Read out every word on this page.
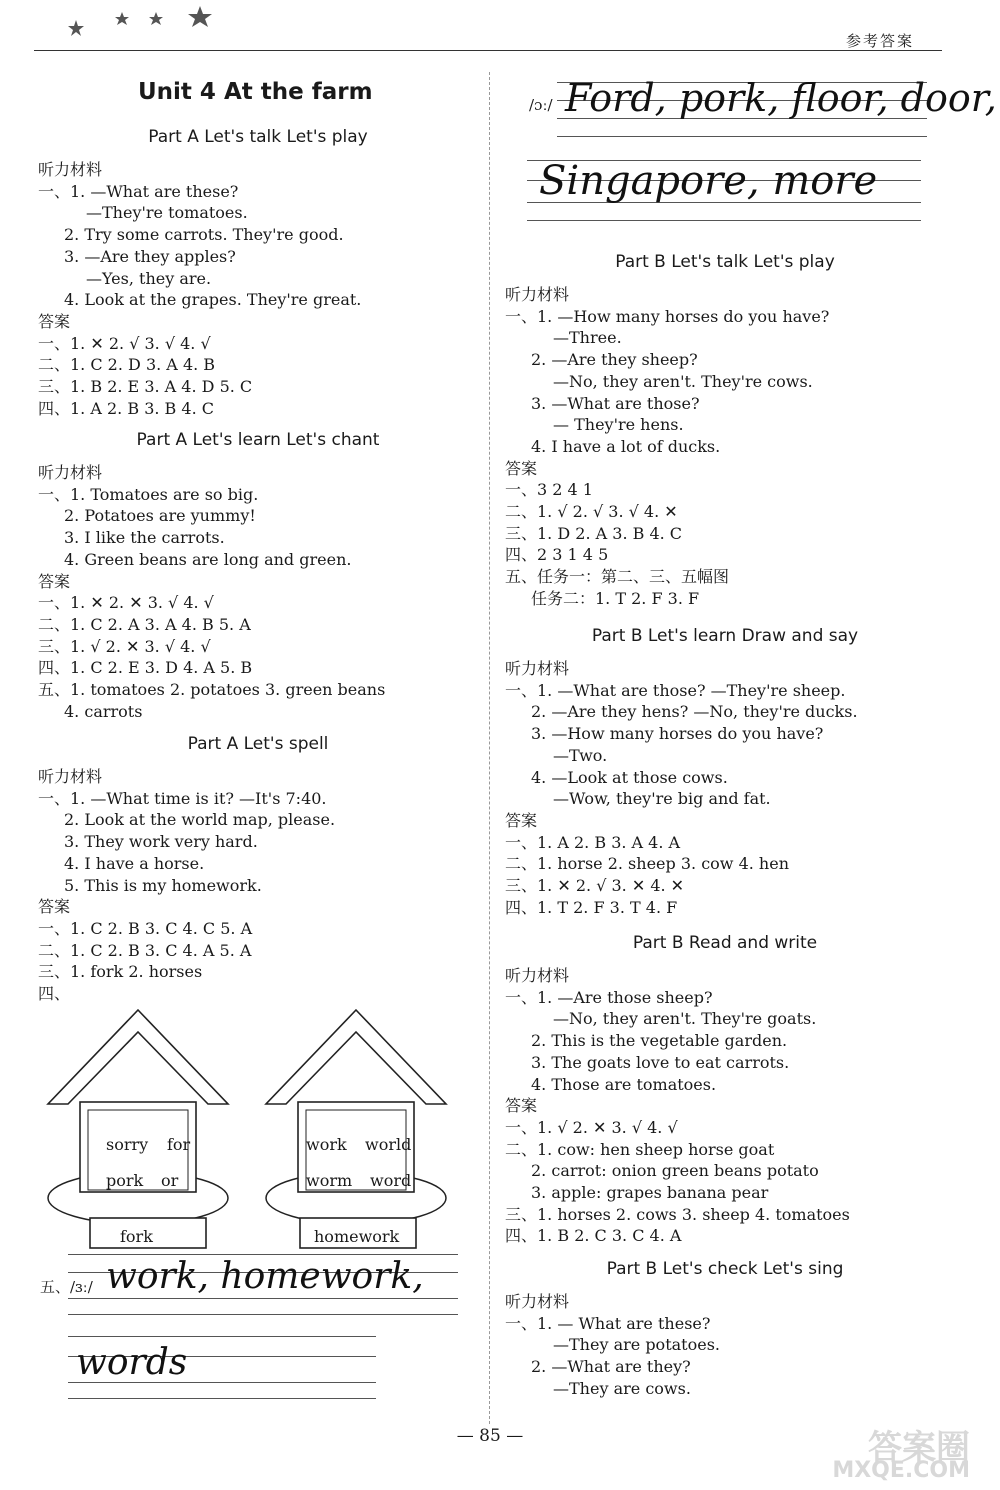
参考答案
Unit 4 At the farm
Part A Let's talk Let's play
听力材料
一、1. —What are these?
—They're tomatoes.
2. Try some carrots. They're good.
3. —Are they apples?
—Yes, they are.
4. Look at the grapes. They're great.
答案
一、1. ✕ 2. √ 3. √ 4. √
二、1. C 2. D 3. A 4. B
三、1. B 2. E 3. A 4. D 5. C
四、1. A 2. B 3. B 4. C
Part A Let's learn Let's chant
听力材料
一、1. Tomatoes are so big.
2. Potatoes are yummy!
3. I like the carrots.
4. Green beans are long and green.
答案
一、1. ✕ 2. ✕ 3. √ 4. √
二、1. C 2. A 3. A 4. B 5. A
三、1. √ 2. ✕ 3. √ 4. √
四、1. C 2. E 3. D 4. A 5. B
五、1. tomatoes 2. potatoes 3. green beans
4. carrots
Part A Let's spell
听力材料
一、1. —What time is it? —It's 7:40.
2. Look at the world map, please.
3. They work very hard.
4. I have a horse.
5. This is my homework.
答案
一、1. C 2. B 3. C 4. C 5. A
二、1. C 2. B 3. C 4. A 5. A
三、1. fork 2. horses
四、
sorry for
pork or
fork
work world
worm word
homework
五、/ɜː/ work, homework,
words
/ɔː/ Ford, pork, floor, door,
Singapore, more
Part B Let's talk Let's play
听力材料
一、1. —How many horses do you have?
—Three.
2. —Are they sheep?
—No, they aren't. They're cows.
3. —What are those?
— They're hens.
4. I have a lot of ducks.
答案
一、3 2 4 1
二、1. √ 2. √ 3. √ 4. ✕
三、1. D 2. A 3. B 4. C
四、2 3 1 4 5
五、任务一：第二、三、五幅图
任务二：1. T 2. F 3. F
Part B Let's learn Draw and say
听力材料
一、1. —What are those? —They're sheep.
2. —Are they hens? —No, they're ducks.
3. —How many horses do you have?
—Two.
4. —Look at those cows.
—Wow, they're big and fat.
答案
一、1. A 2. B 3. A 4. A
二、1. horse 2. sheep 3. cow 4. hen
三、1. ✕ 2. √ 3. ✕ 4. ✕
四、1. T 2. F 3. T 4. F
Part B Read and write
听力材料
一、1. —Are those sheep?
—No, they aren't. They're goats.
2. This is the vegetable garden.
3. The goats love to eat carrots.
4. Those are tomatoes.
答案
一、1. √ 2. ✕ 3. √ 4. √
二、1. cow: hen sheep horse goat
2. carrot: onion green beans potato
3. apple: grapes banana pear
三、1. horses 2. cows 3. sheep 4. tomatoes
四、1. B 2. C 3. C 4. A
Part B Let's check Let's sing
听力材料
一、1. — What are these?
—They are potatoes.
2. —What are they?
—They are cows.
— 85 —	答案圈
MXQE.COM
